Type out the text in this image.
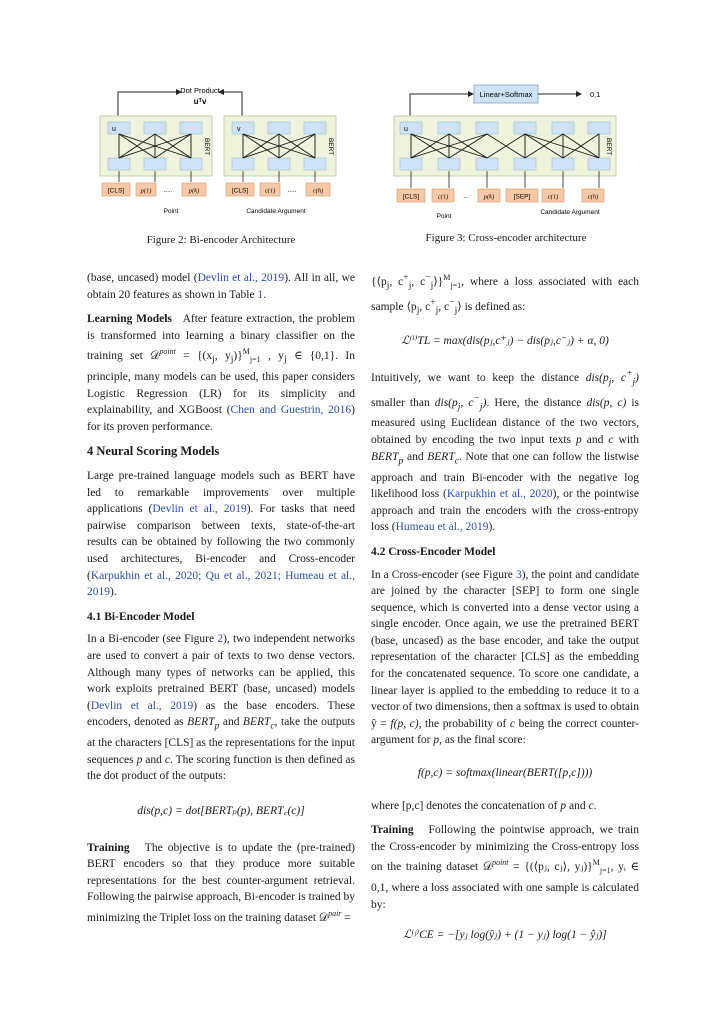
Dot Product
uᵀv
u
BERT
v
BERT
[CLS]	p(1) .....	p(k)	[CLS]	c(1) .....	c(h)
Point	Candidate Argument
Figure 2: Bi-encoder Architecture
Linear+Softmax	0,1
u
BERT
[CLS]	c(1) ... p(k)	[SEP]	c(1)	c(h)
Point
Candidate Argument
Figure 3: Cross-encoder architecture

(base, uncased) model (Devlin et al., 2019). All in all, we obtain 20 features as shown in Table 1.

Learning Models After feature extraction, the problem is transformed into learning a binary classifier on the training set 𝒟$^{point}$ = {($x_j$, $y_j)\}^M_{j=1}$ , $y_j$ ∈ {0,1}. In principle, many models can be used, this paper considers Logistic Regression (LR) for its simplicity and explainability, and XGBoost (Chen and Guestrin, 2016) for its proven performance.

4 Neural Scoring Models

Large pre-trained language models such as BERT have led to remarkable improvements over multiple applications (Devlin et al., 2019). For tasks that need pairwise comparison between texts, state-of-the-art results can be obtained by following the two commonly used architectures, Bi-encoder and Cross-encoder (Karpukhin et al., 2020; Qu et al., 2021; Humeau et al., 2019).

4.1 Bi-Encoder Model

In a Bi-encoder (see Figure 2), two independent networks are used to convert a pair of texts to two dense vectors. Although many types of networks can be applied, this work exploits pretrained BERT (base, uncased) models (Devlin et al., 2019) as the base encoders. These encoders, denoted as $BERT_p$ and $BERT_c$, take the outputs at the characters [CLS] as the representations for the input sequences p and c. The scoring function is then defined as the dot product of the outputs:

dis(p,c) = dot[BERTₚ(p), BERT꜀(c)]

Training The objective is to update the (pre-trained) BERT encoders so that they produce more suitable representations for the best counter-argument retrieval. Following the pairwise approach, Bi-encoder is trained by minimizing the Triplet loss on the training dataset 𝒟$^{pair}$ =

{$⟨p_j$, $c^+_j$, $c^-_j⟩\}^M_{j=1}$, where a loss associated with each sample $⟨p_j$, $c^+_j$, $c^-_j⟩$ is defined as:

ℒ⁽ⁱ⁾TL = max(dis(pⱼ,c⁺ⱼ) − dis(pⱼ,c⁻ⱼ) + α, 0)

Intuitively, we want to keep the distance $dis(p_j$, $c^+_j$) smaller than $dis(p_j$, $c^-_j$). Here, the distance dis(p, c) is measured using Euclidean distance of the two vectors, obtained by encoding the two input texts p and c with $BERT_p$ and $BERT_c$. Note that one can follow the listwise approach and train Bi-encoder with the negative log likelihood loss (Karpukhin et al., 2020), or the pointwise approach and train the encoders with the cross-entropy loss (Humeau et al., 2019).

4.2 Cross-Encoder Model

In a Cross-encoder (see Figure 3), the point and candidate are joined by the character [SEP] to form one single sequence, which is converted into a dense vector using a single encoder. Once again, we use the pretrained BERT (base, uncased) as the base encoder, and take the output representation of the character [CLS] as the embedding for the concatenated sequence. To score one candidate, a linear layer is applied to the embedding to reduce it to a vector of two dimensions, then a softmax is used to obtain ŷ = f(p, c), the probability of c being the correct counter-argument for p, as the final score:

f(p,c) = softmax(linear(BERT([p,c])))

where [p,c] denotes the concatenation of p and c.

Training Following the pointwise approach, we train the Cross-encoder by minimizing the Cross-entropy loss on the training dataset 𝒟$^{point}$ = {(⟨pⱼ, cⱼ⟩, yⱼ)}$^M_{j=1}$, yᵢ ∈ 0,1, where a loss associated with one sample is calculated by:

ℒ⁽ʲ⁾CE = −[yⱼ log(ŷⱼ) + (1 − yⱼ) log(1 − ŷⱼ)]
